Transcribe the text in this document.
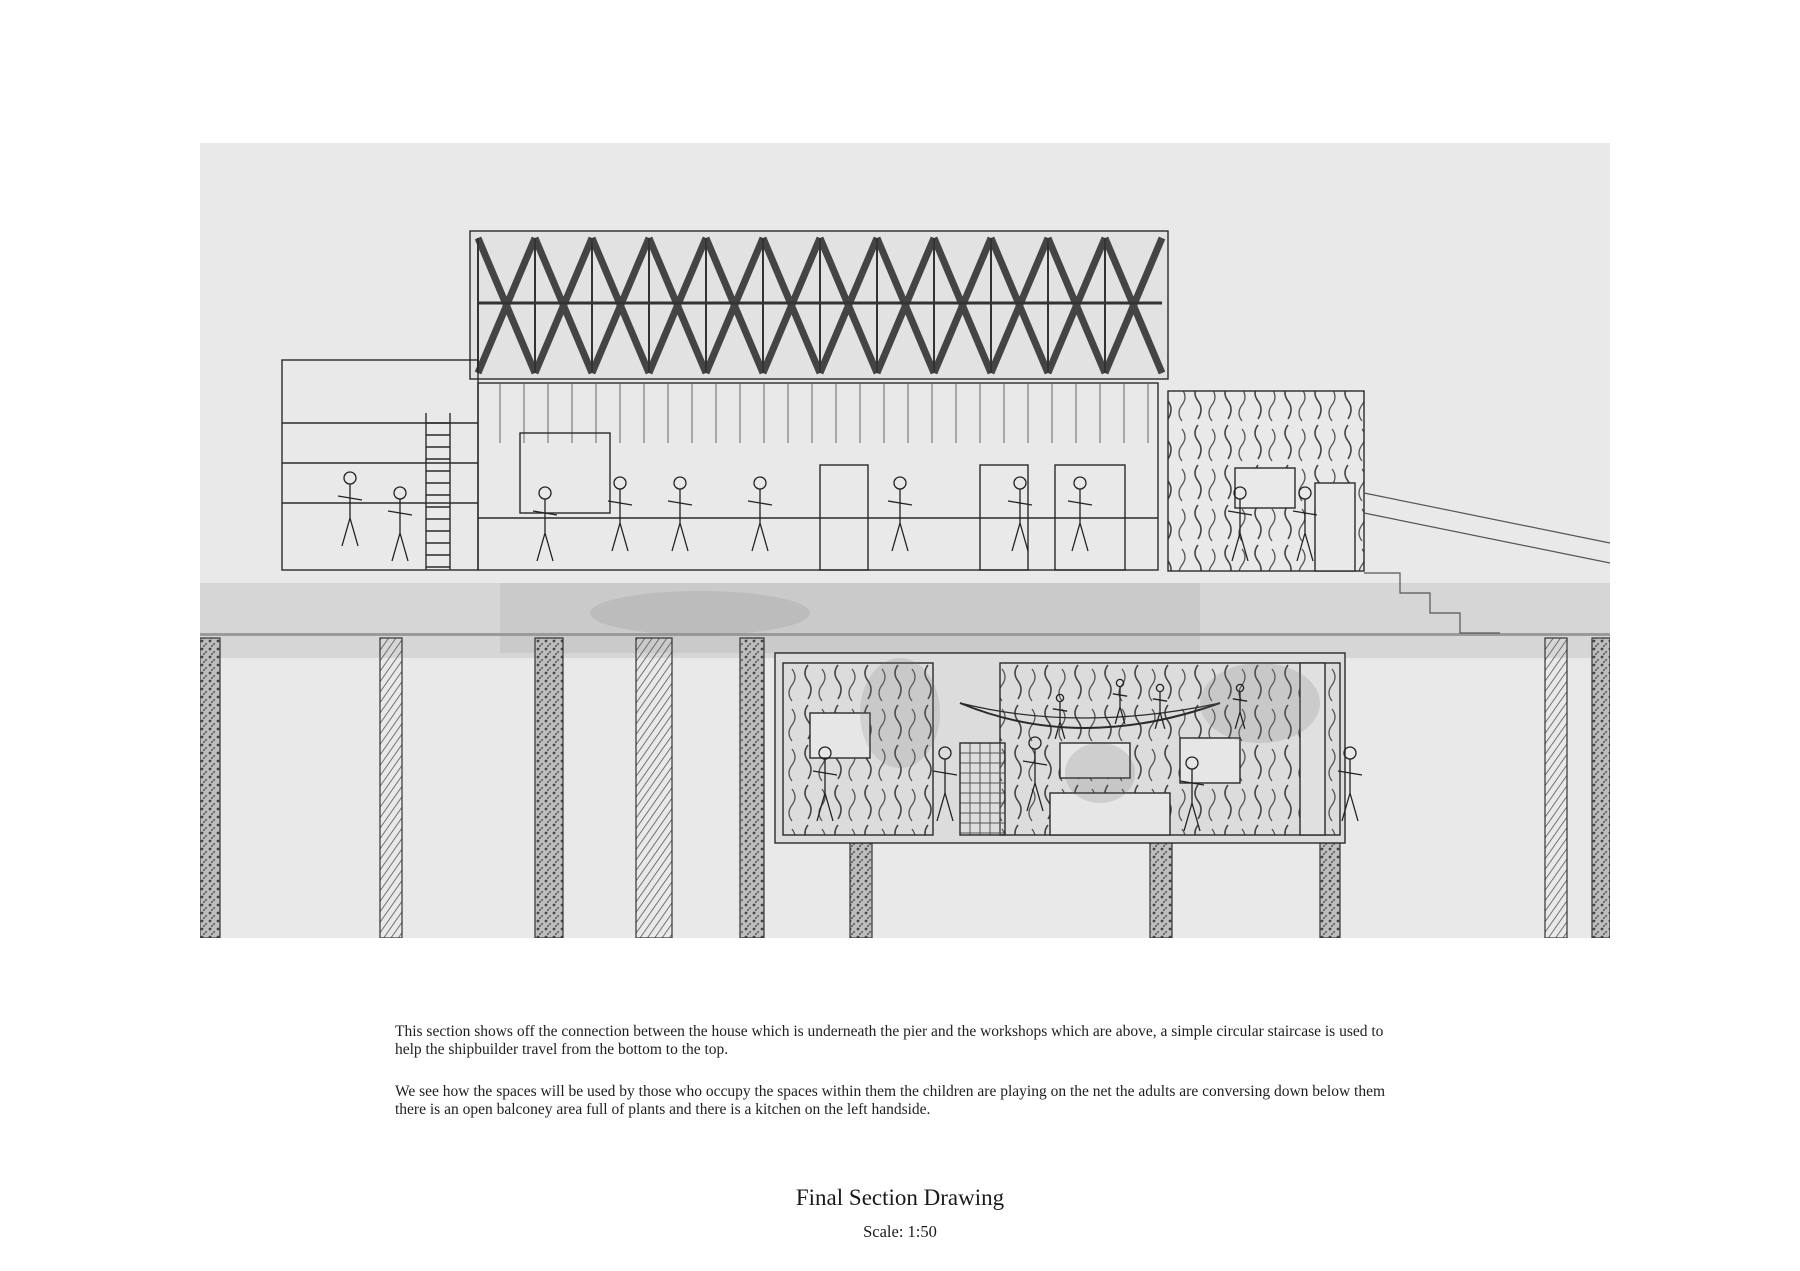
This section shows off the connection between the house which is underneath the pier and the workshops which are above, a simple circular staircase is used to help the shipbuilder travel from the bottom to the top.
We see how the spaces will be used by those who occupy the spaces within them the children are playing on the net the adults are conversing down below them there is an open balconey area full of plants and there is a kitchen on the left handside.
Final Section Drawing
Scale: 1:50
